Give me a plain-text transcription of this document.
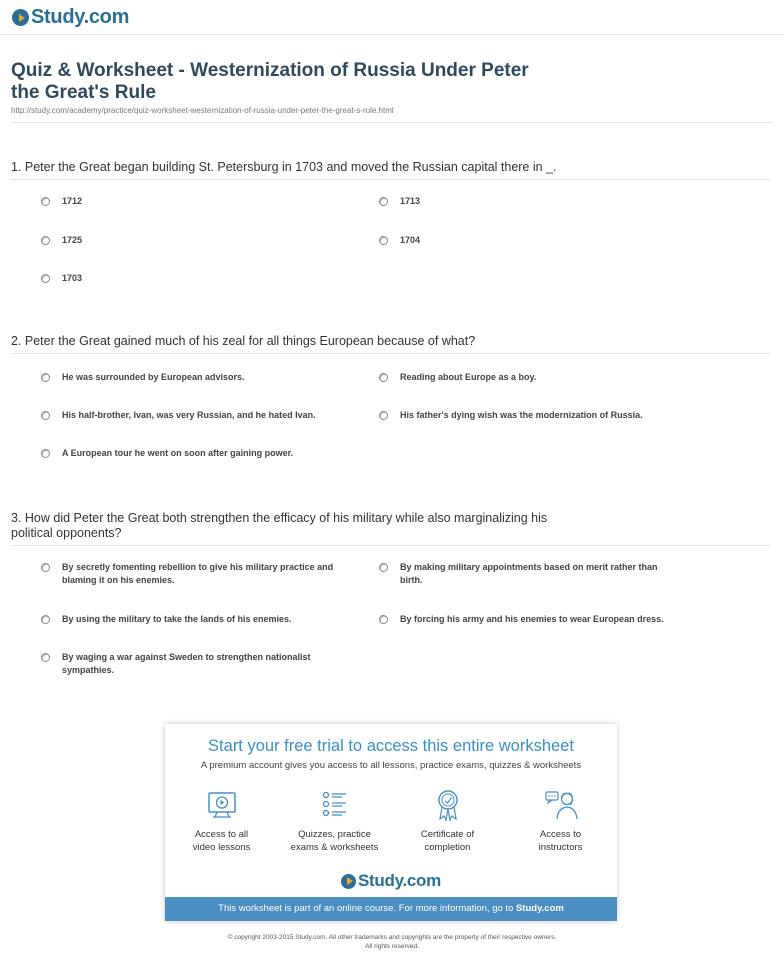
Study.com
Quiz & Worksheet - Westernization of Russia Under Peter
the Great's Rule
http://study.com/academy/practice/quiz-worksheet-westernization-of-russia-under-peter-the-great-s-rule.html
1. Peter the Great began building St. Petersburg in 1703 and moved the Russian capital there in _.
1712	1713
1725	1704
1703
2. Peter the Great gained much of his zeal for all things European because of what?
He was surrounded by European advisors.	Reading about Europe as a boy.
His half-brother, Ivan, was very Russian, and he hated Ivan.	His father's dying wish was the modernization of Russia.
A European tour he went on soon after gaining power.
3. How did Peter the Great both strengthen the efficacy of his military while also marginalizing his
political opponents?
By secretly fomenting rebellion to give his military practice and
blaming it on his enemies.
By making military appointments based on merit rather than
birth.
By using the military to take the lands of his enemies.	By forcing his army and his enemies to wear European dress.
By waging a war against Sweden to strengthen nationalist
sympathies.
Start your free trial to access this entire worksheet
A premium account gives you access to all lessons, practice exams, quizzes & worksheets
Access to all
video lessons
Quizzes, practice
exams & worksheets
Certificate of
completion
Access to
instructors
Study.com
This worksheet is part of an online course. For more information, go to Study.com
© copyright 2003-2015 Study.com. All other trademarks and copyrights are the property of their respective owners.
All rights reserved.
